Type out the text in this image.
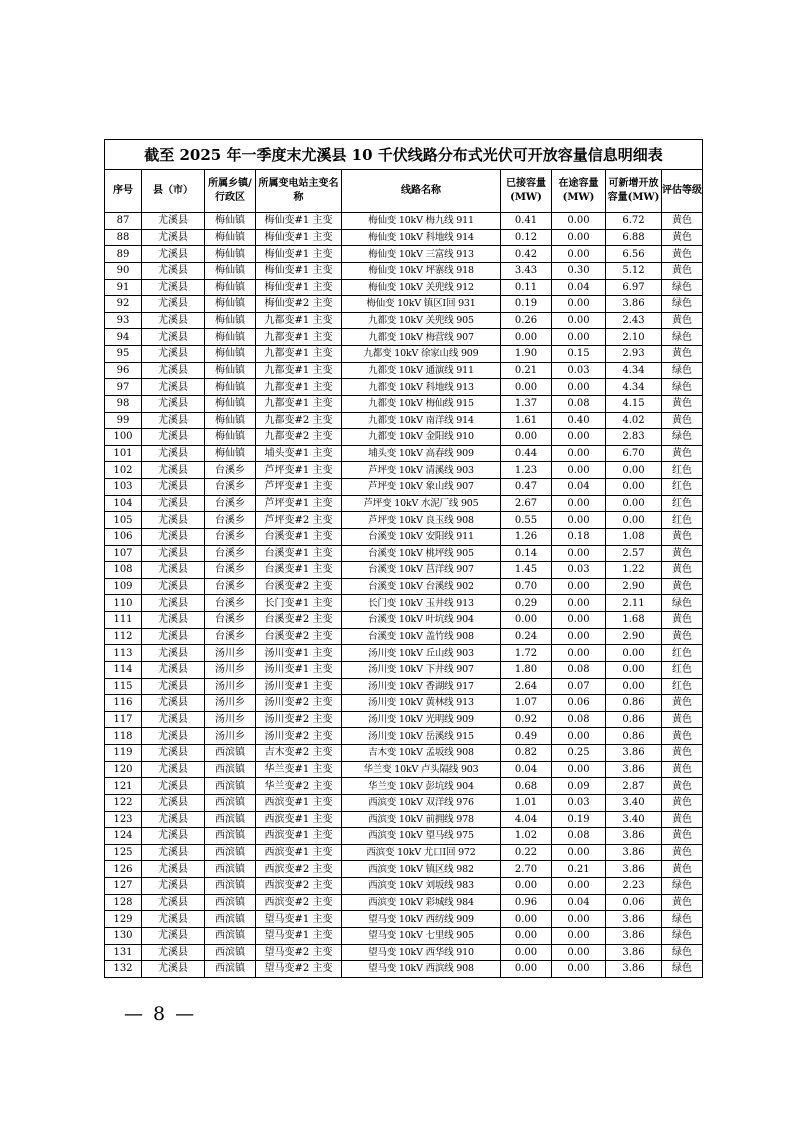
截至 2025 年一季度末尤溪县 10 千伏线路分布式光伏可开放容量信息明细表								
序号	县（市）	所属乡镇/行政区	所属变电站主变名称	线路名称	已接容量(MW)	在途容量(MW)	可新增开放容量(MW)	评估等级
87	尤溪县	梅仙镇	梅仙变#1 主变	梅仙变 10kV 梅九线 911	0.41	0.00	6.72	黄色
88	尤溪县	梅仙镇	梅仙变#1 主变	梅仙变 10kV 科地线 914	0.12	0.00	6.88	黄色
89	尤溪县	梅仙镇	梅仙变#1 主变	梅仙变 10kV 三富线 913	0.42	0.00	6.56	黄色
90	尤溪县	梅仙镇	梅仙变#1 主变	梅仙变 10kV 坪寨线 918	3.43	0.30	5.12	黄色
91	尤溪县	梅仙镇	梅仙变#1 主变	梅仙变 10kV 关兜线 912	0.11	0.04	6.97	绿色
92	尤溪县	梅仙镇	梅仙变#2 主变	梅仙变 10kV 镇区Ⅰ回 931	0.19	0.00	3.86	绿色
93	尤溪县	梅仙镇	九都变#1 主变	九都变 10kV 关兜线 905	0.26	0.00	2.43	黄色
94	尤溪县	梅仙镇	九都变#1 主变	九都变 10kV 梅营线 907	0.00	0.00	2.10	绿色
95	尤溪县	梅仙镇	九都变#1 主变	九都变 10kV 徐家山线 909	1.90	0.15	2.93	黄色
96	尤溪县	梅仙镇	九都变#1 主变	九都变 10kV 通演线 911	0.21	0.03	4.34	绿色
97	尤溪县	梅仙镇	九都变#1 主变	九都变 10kV 科地线 913	0.00	0.00	4.34	绿色
98	尤溪县	梅仙镇	九都变#1 主变	九都变 10kV 梅仙线 915	1.37	0.08	4.15	黄色
99	尤溪县	梅仙镇	九都变#2 主变	九都变 10kV 南洋线 914	1.61	0.40	4.02	黄色
100	尤溪县	梅仙镇	九都变#2 主变	九都变 10kV 金阳线 910	0.00	0.00	2.83	绿色
101	尤溪县	梅仙镇	埔头变#1 主变	埔头变 10kV 高春线 909	0.44	0.00	6.70	黄色
102	尤溪县	台溪乡	芦坪变#1 主变	芦坪变 10kV 清溪线 903	1.23	0.00	0.00	红色
103	尤溪县	台溪乡	芦坪变#1 主变	芦坪变 10kV 象山线 907	0.47	0.04	0.00	红色
104	尤溪县	台溪乡	芦坪变#1 主变	芦坪变 10kV 水泥厂线 905	2.67	0.00	0.00	红色
105	尤溪县	台溪乡	芦坪变#2 主变	芦坪变 10kV 良玉线 908	0.55	0.00	0.00	红色
106	尤溪县	台溪乡	台溪变#1 主变	台溪变 10kV 安阳线 911	1.26	0.18	1.08	黄色
107	尤溪县	台溪乡	台溪变#1 主变	台溪变 10kV 桃坪线 905	0.14	0.00	2.57	黄色
108	尤溪县	台溪乡	台溪变#1 主变	台溪变 10kV 莒洋线 907	1.45	0.03	1.22	黄色
109	尤溪县	台溪乡	台溪变#2 主变	台溪变 10kV 台溪线 902	0.70	0.00	2.90	黄色
110	尤溪县	台溪乡	长门变#1 主变	长门变 10kV 玉井线 913	0.29	0.00	2.11	绿色
111	尤溪县	台溪乡	台溪变#2 主变	台溪变 10kV 叶坑线 904	0.00	0.00	1.68	黄色
112	尤溪县	台溪乡	台溪变#2 主变	台溪变 10kV 盖竹线 908	0.24	0.00	2.90	黄色
113	尤溪县	汤川乡	汤川变#1 主变	汤川变 10kV 丘山线 903	1.72	0.00	0.00	红色
114	尤溪县	汤川乡	汤川变#1 主变	汤川变 10kV 下井线 907	1.80	0.08	0.00	红色
115	尤溪县	汤川乡	汤川变#1 主变	汤川变 10kV 香湖线 917	2.64	0.07	0.00	红色
116	尤溪县	汤川乡	汤川变#2 主变	汤川变 10kV 黄林线 913	1.07	0.06	0.86	黄色
117	尤溪县	汤川乡	汤川变#2 主变	汤川变 10kV 光明线 909	0.92	0.08	0.86	黄色
118	尤溪县	汤川乡	汤川变#2 主变	汤川变 10kV 岳溪线 915	0.49	0.00	0.86	黄色
119	尤溪县	西滨镇	吉木变#2 主变	吉木变 10kV 孟坂线 908	0.82	0.25	3.86	黄色
120	尤溪县	西滨镇	华兰变#1 主变	华兰变 10kV 卢头隔线 903	0.04	0.00	3.86	黄色
121	尤溪县	西滨镇	华兰变#2 主变	华兰变 10kV 彭坑线 904	0.68	0.09	2.87	黄色
122	尤溪县	西滨镇	西滨变#1 主变	西滨变 10kV 双洋线 976	1.01	0.03	3.40	黄色
123	尤溪县	西滨镇	西滨变#1 主变	西滨变 10kV 前拥线 978	4.04	0.19	3.40	黄色
124	尤溪县	西滨镇	西滨变#1 主变	西滨变 10kV 望马线 975	1.02	0.08	3.86	黄色
125	尤溪县	西滨镇	西滨变#1 主变	西滨变 10kV 尤口Ⅰ回 972	0.22	0.00	3.86	黄色
126	尤溪县	西滨镇	西滨变#2 主变	西滨变 10kV 镇区线 982	2.70	0.21	3.86	黄色
127	尤溪县	西滨镇	西滨变#2 主变	西滨变 10kV 刘坂线 983	0.00	0.00	2.23	绿色
128	尤溪县	西滨镇	西滨变#2 主变	西滨变 10kV 彩城线 984	0.96	0.04	0.06	黄色
129	尤溪县	西滨镇	望马变#1 主变	望马变 10kV 西纺线 909	0.00	0.00	3.86	绿色
130	尤溪县	西滨镇	望马变#1 主变	望马变 10kV 七里线 905	0.00	0.00	3.86	绿色
131	尤溪县	西滨镇	望马变#2 主变	望马变 10kV 西华线 910	0.00	0.00	3.86	绿色
132	尤溪县	西滨镇	望马变#2 主变	望马变 10kV 西滨线 908	0.00	0.00	3.86	绿色
— 8 —
